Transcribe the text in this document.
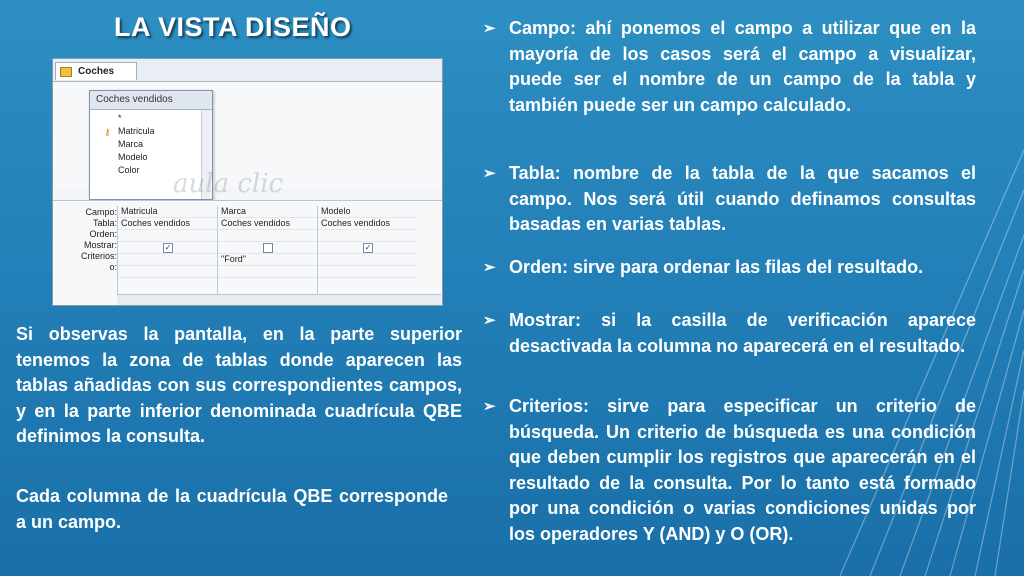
LA VISTA DISEÑO
Coches
Coches vendidos
*
⚷ Matricula
Marca
Modelo
Color	aula clic
Campo:
Tabla:
Orden:
Mostrar:
Criterios:
o:
Matricula
Coches vendidos
✓
Marca
Coches vendidos
"Ford"
Modelo
Coches vendidos
✓

Si observas la pantalla, en la parte superior tenemos la zona de tablas donde aparecen las tablas añadidas con sus correspondientes campos, y en la parte inferior denominada cuadrícula QBE definimos la consulta.

Cada columna de la cuadrícula QBE corresponde a un campo.

➢ Campo: ahí ponemos el campo a utilizar que en la mayoría de los casos será el campo a visualizar, puede ser el nombre de un campo de la tabla y también puede ser un campo calculado.
➢ Tabla: nombre de la tabla de la que sacamos el campo. Nos será útil cuando definamos consultas basadas en varias tablas.
➢ Orden: sirve para ordenar las filas del resultado.
➢ Mostrar: si la casilla de verificación aparece desactivada la columna no aparecerá en el resultado.
➢ Criterios: sirve para especificar un criterio de búsqueda. Un criterio de búsqueda es una condición que deben cumplir los registros que aparecerán en el resultado de la consulta. Por lo tanto está formado por una condición o varias condiciones unidas por los operadores Y (AND) y O (OR).
